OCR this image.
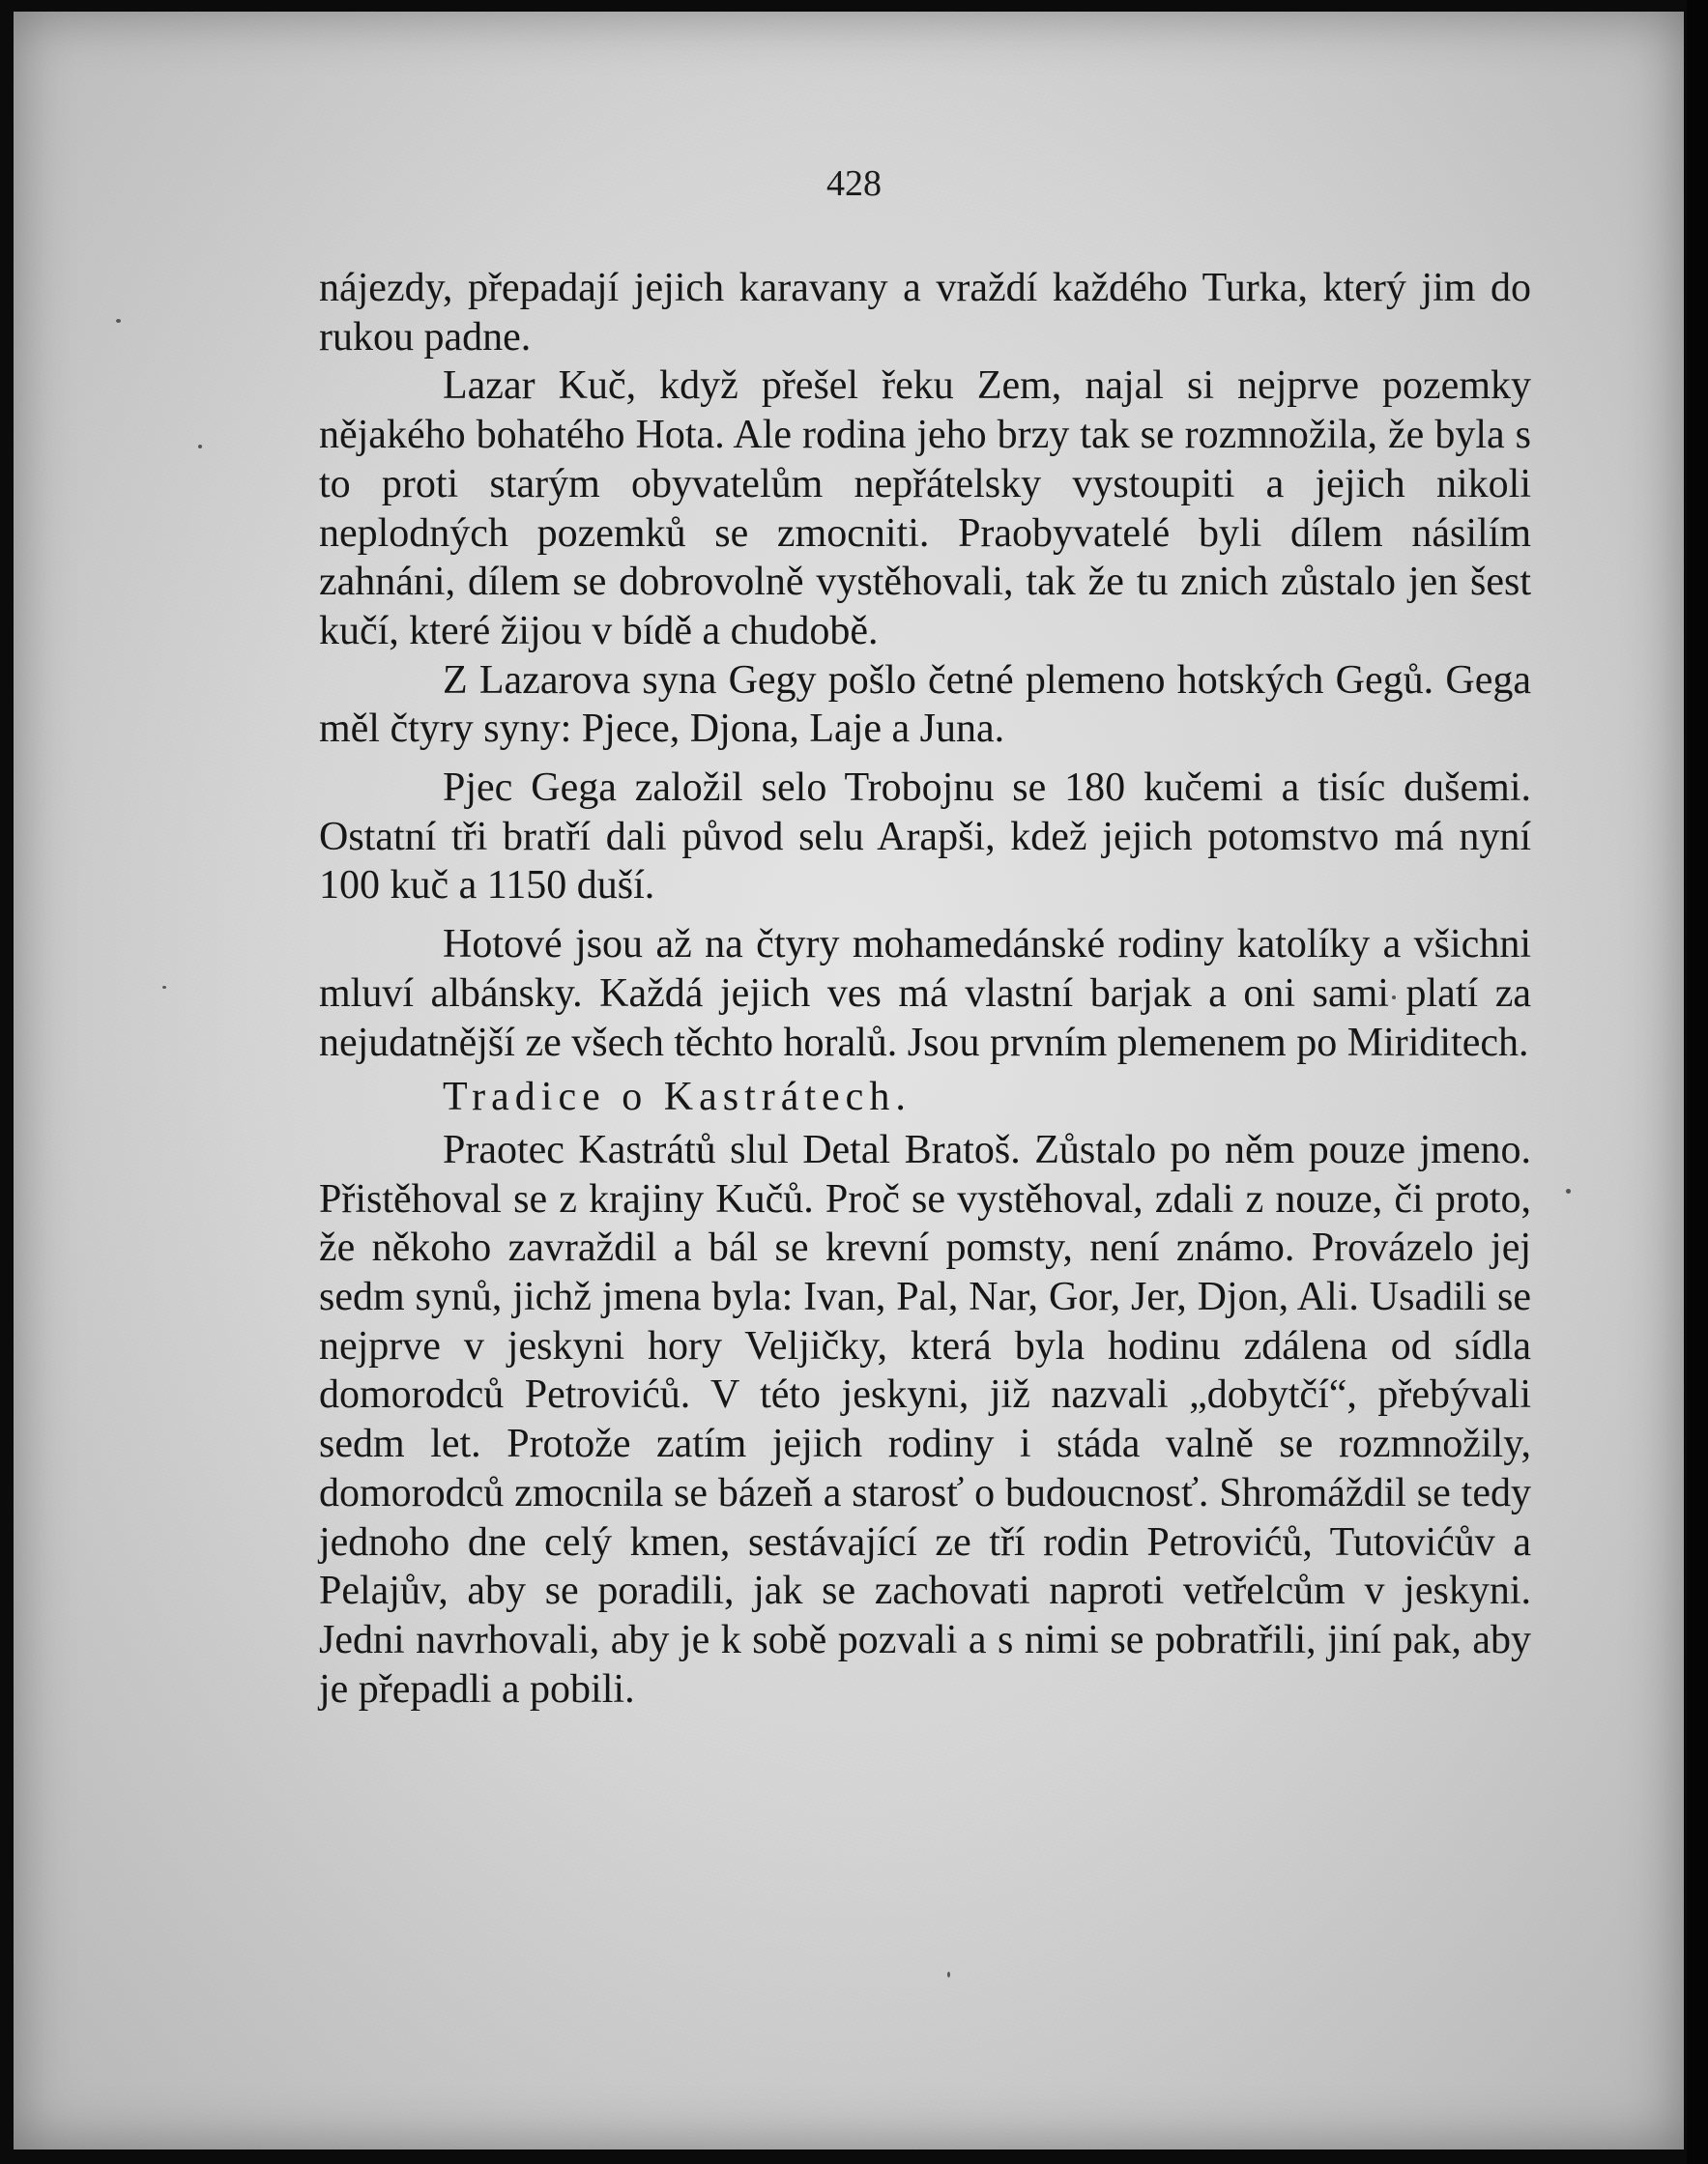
428

nájezdy, přepadají jejich karavany a vraždí každého Turka, který jim do rukou padne.

Lazar Kuč, když přešel řeku Zem, najal si nejprve pozemky nějakého bohatého Hota. Ale rodina jeho brzy tak se rozmnožila, že byla s to proti starým obyvatelům nepřátelsky vystoupiti a jejich nikoli neplodných pozemků se zmocniti. Praobyvatelé byli dílem násilím zahnáni, dílem se dobrovolně vystěhovali, tak že tu znich zůstalo jen šest kučí, které žijou v bídě a chudobě.

Z Lazarova syna Gegy pošlo četné plemeno hotských Gegů. Gega měl čtyry syny: Pjece, Djona, Laje a Juna.

Pjec Gega založil selo Trobojnu se 180 kučemi a tisíc dušemi. Ostatní tři bratří dali původ selu Arapši, kdež jejich potomstvo má nyní 100 kuč a 1150 duší.

Hotové jsou až na čtyry mohamedánské rodiny katolíky a všichni mluví albánsky. Každá jejich ves má vlastní barjak a oni sami platí za nejudatnější ze všech těchto horalů. Jsou prvním plemenem po Miriditech.

Tradice o Kastrátech.

Praotec Kastrátů slul Detal Bratoš. Zůstalo po něm pouze jmeno. Přistěhoval se z krajiny Kučů. Proč se vystěhoval, zdali z nouze, či proto, že někoho zavraždil a bál se krevní pomsty, není známo. Provázelo jej sedm synů, jichž jmena byla: Ivan, Pal, Nar, Gor, Jer, Djon, Ali. Usadili se nejprve v jeskyni hory Veljičky, která byla hodinu zdálena od sídla domorodců Petrovićů. V této jeskyni, již nazvali „dobytčí“, přebývali sedm let. Protože zatím jejich rodiny i stáda valně se rozmnožily, domorodců zmocnila se bázeň a starosť o budoucnosť. Shromáždil se tedy jednoho dne celý kmen, sestávající ze tří rodin Petrovićů, Tutovićův a Pelajův, aby se poradili, jak se zachovati naproti vetřelcům v jeskyni. Jedni navrhovali, aby je k sobě pozvali a s nimi se pobratřili, jiní pak, aby je přepadli a pobili.
